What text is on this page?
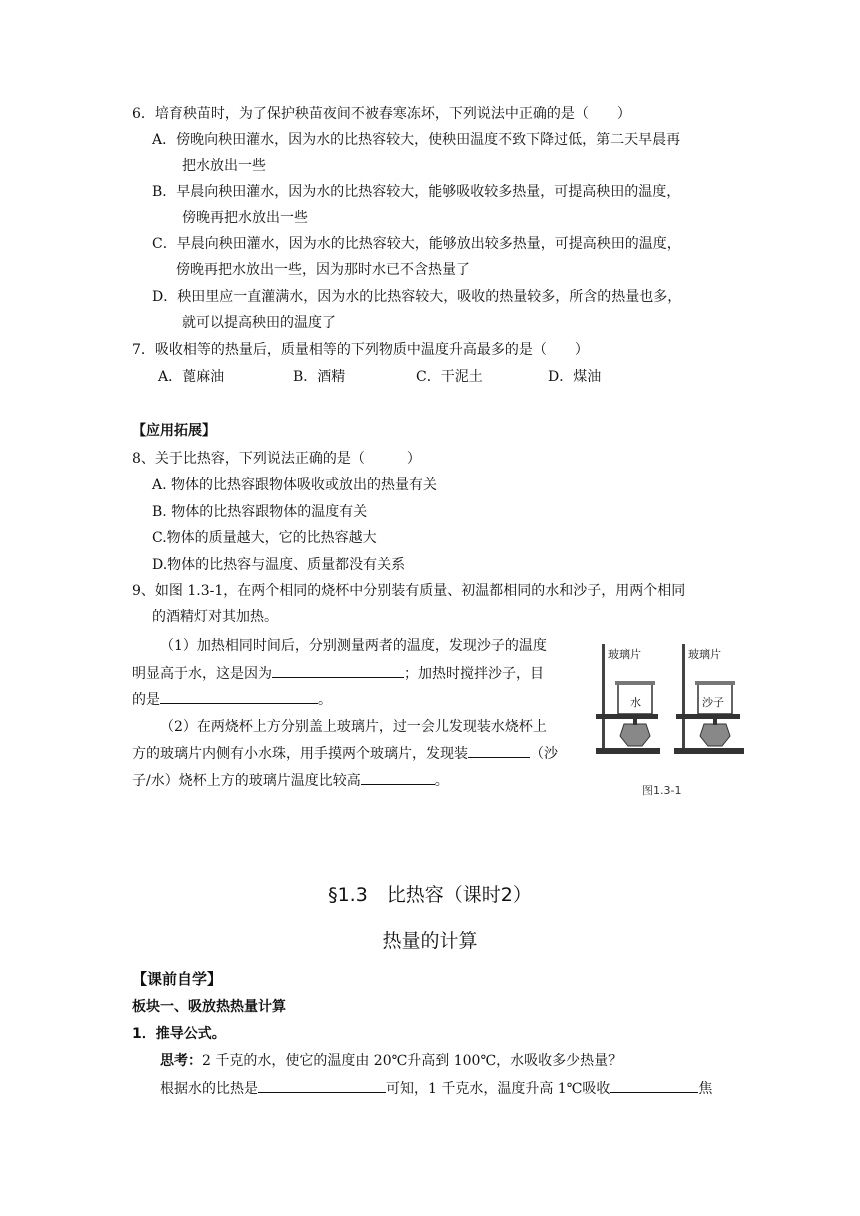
6．培育秧苗时，为了保护秧苗夜间不被春寒冻坏，下列说法中正确的是（　　）
A．傍晚向秧田灌水，因为水的比热容较大，使秧田温度不致下降过低，第二天早晨再
把水放出一些
B．早晨向秧田灌水，因为水的比热容较大，能够吸收较多热量，可提高秧田的温度，
傍晚再把水放出一些
C．早晨向秧田灌水，因为水的比热容较大，能够放出较多热量，可提高秧田的温度，
傍晚再把水放出一些，因为那时水已不含热量了
D．秧田里应一直灌满水，因为水的比热容较大，吸收的热量较多，所含的热量也多，
就可以提高秧田的温度了
7．吸收相等的热量后，质量相等的下列物质中温度升高最多的是（　　）
A．蓖麻油	B．酒精	C．干泥土	D．煤油
【应用拓展】
8、关于比热容，下列说法正确的是（　　　）
A. 物体的比热容跟物体吸收或放出的热量有关
B. 物体的比热容跟物体的温度有关
C.物体的质量越大，它的比热容越大
D.物体的比热容与温度、质量都没有关系
9、如图 1.3-1，在两个相同的烧杯中分别装有质量、初温都相同的水和沙子，用两个相同
的酒精灯对其加热。
（1）加热相同时间后，分别测量两者的温度，发现沙子的温度
明显高于水，这是因为	；加热时搅拌沙子，目
的是	。
（2）在两烧杯上方分别盖上玻璃片，过一会儿发现装水烧杯上
方的玻璃片内侧有小水珠，用手摸两个玻璃片，发现装	（沙
子/水）烧杯上方的玻璃片温度比较高	。
玻璃片
水
玻璃片
沙子
图1.3-1
§1.3　比热容（课时2）
热量的计算
【课前自学】
板块一、吸放热热量计算
1．推导公式。
思考：2 千克的水，使它的温度由 20℃升高到 100℃，水吸收多少热量？
根据水的比热是	可知，1 千克水，温度升高 1℃吸收	焦
